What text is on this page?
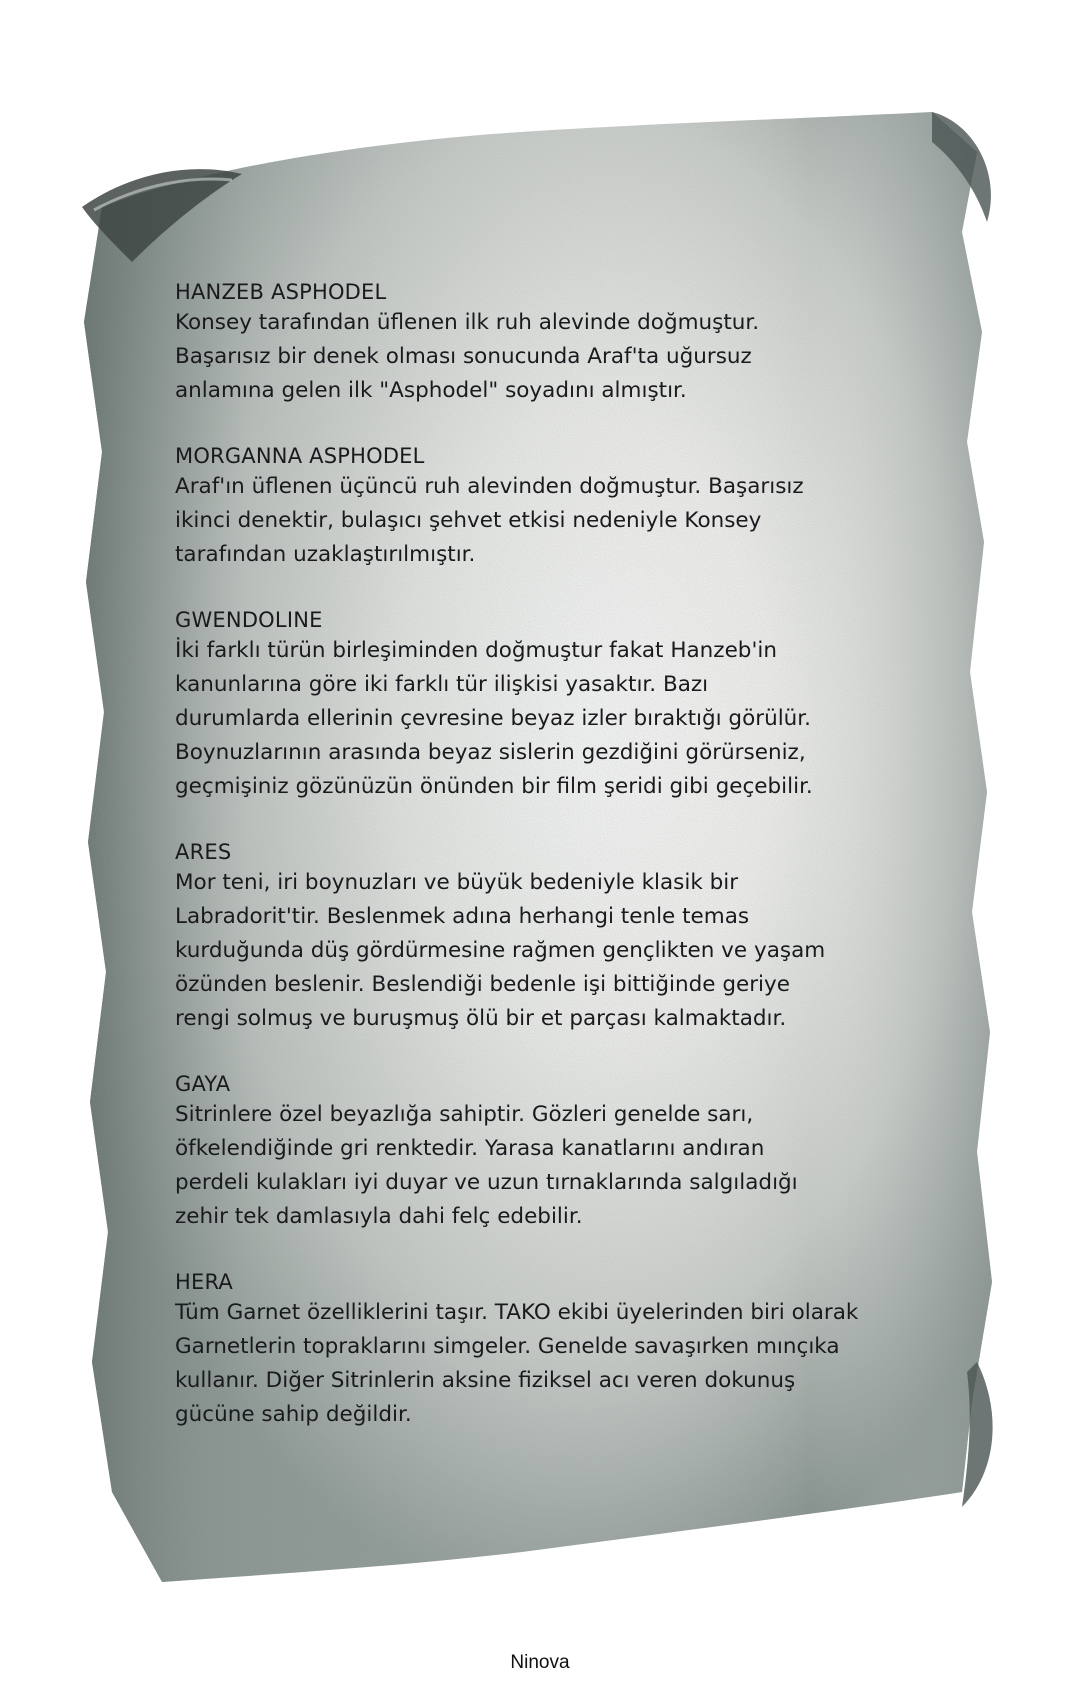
HANZEB ASPHODEL

Konsey tarafından üflenen ilk ruh alevinde doğmuştur. Başarısız bir denek olması sonucunda Araf'ta uğursuz anlamına gelen ilk "Asphodel" soyadını almıştır.

MORGANNA ASPHODEL

Araf'ın üflenen üçüncü ruh alevinden doğmuştur. Başarısız ikinci denektir, bulaşıcı şehvet etkisi nedeniyle Konsey tarafından uzaklaştırılmıştır.

GWENDOLINE

İki farklı türün birleşiminden doğmuştur fakat Hanzeb'in kanunlarına göre iki farklı tür ilişkisi yasaktır. Bazı durumlarda ellerinin çevresine beyaz izler bıraktığı görülür. Boynuzlarının arasında beyaz sislerin gezdiğini görürseniz, geçmişiniz gözünüzün önünden bir film şeridi gibi geçebilir.

ARES

Mor teni, iri boynuzları ve büyük bedeniyle klasik bir Labradorit'tir. Beslenmek adına herhangi tenle temas kurduğunda düş gördürmesine rağmen gençlikten ve yaşam özünden beslenir. Beslendiği bedenle işi bittiğinde geriye rengi solmuş ve buruşmuş ölü bir et parçası kalmaktadır.

GAYA

Sitrinlere özel beyazlığa sahiptir. Gözleri genelde sarı, öfkelendiğinde gri renktedir. Yarasa kanatlarını andıran perdeli kulakları iyi duyar ve uzun tırnaklarında salgıladığı zehir tek damlasıyla dahi felç edebilir.

HERA

Tüm Garnet özelliklerini taşır. TAKO ekibi üyelerinden biri olarak Garnetlerin topraklarını simgeler. Genelde savaşırken mınçıka kullanır. Diğer Sitrinlerin aksine fiziksel acı veren dokunuş gücüne sahip değildir.

Ninova
